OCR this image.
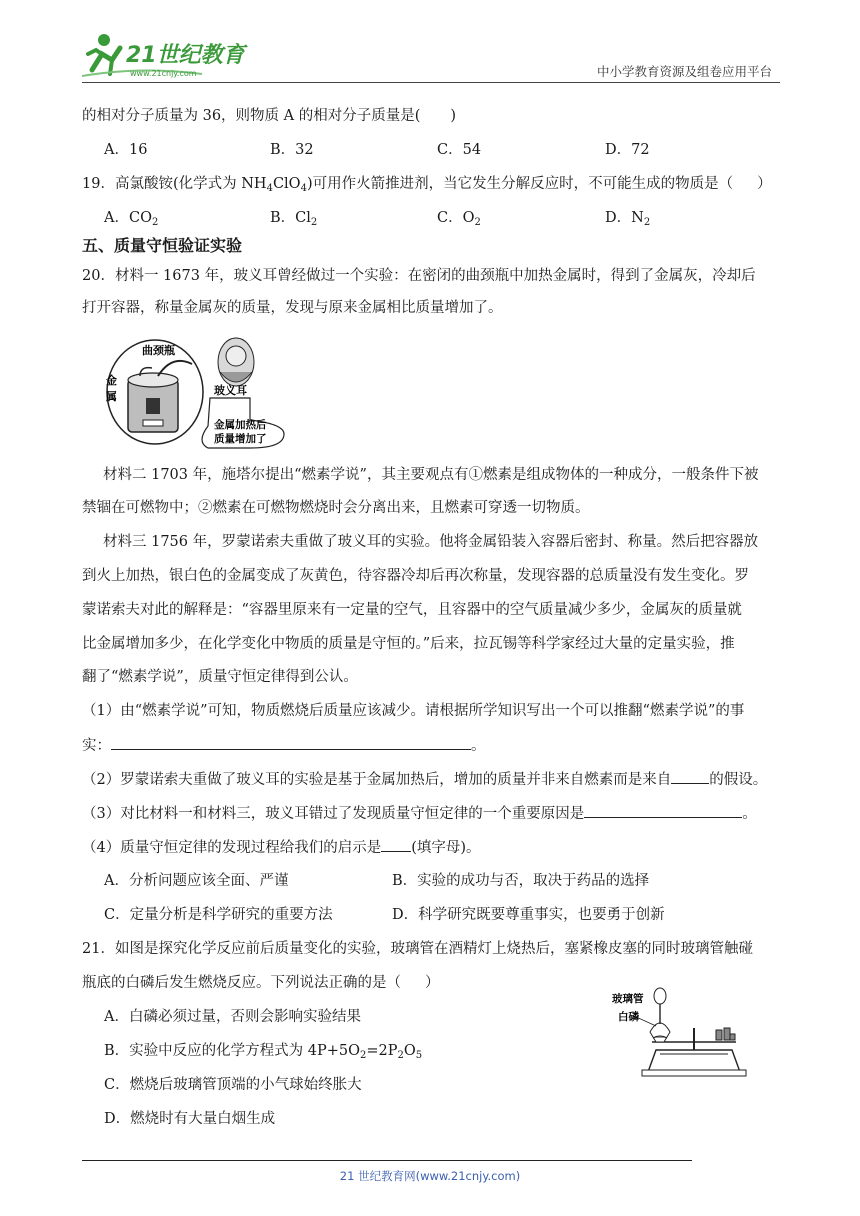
21世纪教育
www.21cnjy.com	中小学教育资源及组卷应用平台
的相对分子质量为 36，则物质 A 的相对分子质量是( )
A．16	B．32	C．54	D．72
19．高氯酸铵(化学式为 $NH_4ClO_4$)可用作火箭推进剂，当它发生分解反应时，不可能生成的物质是（ ）
A．$CO_2$	B．$Cl_2$	C．$O_2$	D．$N_2$
五、质量守恒验证实验
20．材料一 1673 年，玻义耳曾经做过一个实验：在密闭的曲颈瓶中加热金属时，得到了金属灰，冷却后
打开容器，称量金属灰的质量，发现与原来金属相比质量增加了。
曲颈瓶
金
属	玻义耳
金属加热后
质量增加了
材料二 1703 年，施塔尔提出“燃素学说”，其主要观点有①燃素是组成物体的一种成分，一般条件下被
禁锢在可燃物中；②燃素在可燃物燃烧时会分离出来，且燃素可穿透一切物质。
材料三 1756 年，罗蒙诺索夫重做了玻义耳的实验。他将金属铅装入容器后密封、称量。然后把容器放
到火上加热，银白色的金属变成了灰黄色，待容器冷却后再次称量，发现容器的总质量没有发生变化。罗
蒙诺索夫对此的解释是：“容器里原来有一定量的空气，且容器中的空气质量减少多少，金属灰的质量就
比金属增加多少，在化学变化中物质的质量是守恒的。”后来，拉瓦锡等科学家经过大量的定量实验，推
翻了“燃素学说”，质量守恒定律得到公认。
（1）由“燃素学说”可知，物质燃烧后质量应该减少。请根据所学知识写出一个可以推翻“燃素学说”的事
实：	。
（2）罗蒙诺索夫重做了玻义耳的实验是基于金属加热后，增加的质量并非来自燃素而是来自	的假设。
（3）对比材料一和材料三，玻义耳错过了发现质量守恒定律的一个重要原因是	。
（4）质量守恒定律的发现过程给我们的启示是 (填字母)。
A．分析问题应该全面、严谨	B．实验的成功与否，取决于药品的选择
C．定量分析是科学研究的重要方法	D．科学研究既要尊重事实，也要勇于创新
21．如图是探究化学反应前后质量变化的实验，玻璃管在酒精灯上烧热后，塞紧橡皮塞的同时玻璃管触碰
瓶底的白磷后发生燃烧反应。下列说法正确的是（ ）
玻璃管
白磷
A．白磷必须过量，否则会影响实验结果
B．实验中反应的化学方程式为 $4P+5O_2=2P_2O_5$
C．燃烧后玻璃管顶端的小气球始终胀大
D．燃烧时有大量白烟生成
21 世纪教育网(www.21cnjy.com)
